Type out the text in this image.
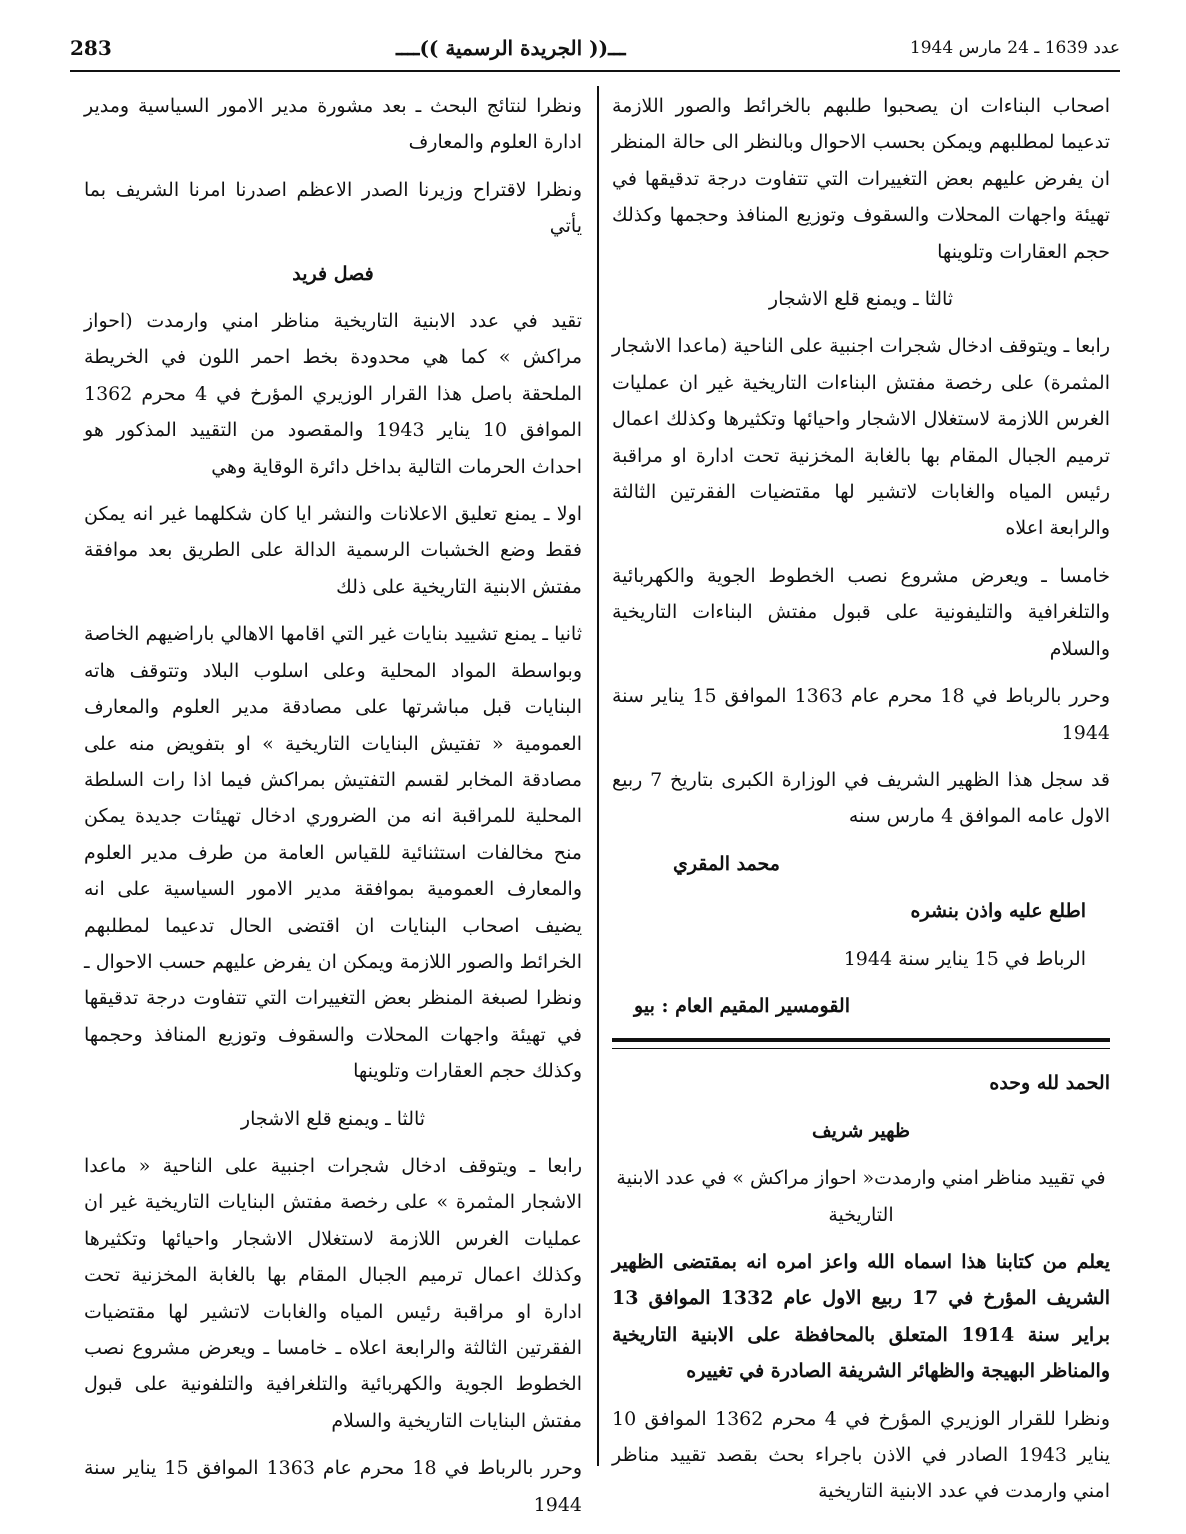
283	ـــ(( الجريدة الرسمية ))ــــ	عدد 1639 ـ 24 مارس 1944

اصحاب البناءات ان يصحبوا طلبهم بالخرائط والصور اللازمة تدعيما لمطلبهم ويمكن بحسب الاحوال وبالنظر الى حالة المنظر ان يفرض عليهم بعض التغييرات التي تتفاوت درجة تدقيقها في تهيئة واجهات المحلات والسقوف وتوزيع المنافذ وحجمها وكذلك حجم العقارات وتلوينها

ثالثا ـ ويمنع قلع الاشجار

رابعا ـ ويتوقف ادخال شجرات اجنبية على الناحية (ماعدا الاشجار المثمرة) على رخصة مفتش البناءات التاريخية غير ان عمليات الغرس اللازمة لاستغلال الاشجار واحيائها وتكثيرها وكذلك اعمال ترميم الجبال المقام بها بالغابة المخزنية تحت ادارة او مراقبة رئيس المياه والغابات لاتشير لها مقتضيات الفقرتين الثالثة والرابعة اعلاه

خامسا ـ ويعرض مشروع نصب الخطوط الجوية والكهربائية والتلغرافية والتليفونية على قبول مفتش البناءات التاريخية والسلام

وحرر بالرباط في 18 محرم عام 1363 الموافق 15 يناير سنة 1944

قد سجل هذا الظهير الشريف في الوزارة الكبرى بتاريخ 7 ربيع الاول عامه الموافق 4 مارس سنه

محمد المقري

اطلع عليه واذن بنشره

الرباط في 15 يناير سنة 1944

القومسير المقيم العام : بيو

الحمد لله وحده

ظهير شريف

في تقييد مناظر امني وارمدت« احواز مراكش » في عدد الابنية التاريخية

يعلم من كتابنا هذا اسماه الله واعز امره انه بمقتضى الظهير الشريف المؤرخ في 17 ربيع الاول عام 1332 الموافق 13 براير سنة 1914 المتعلق بالمحافظة على الابنية التاريخية والمناظر البهيجة والظهائر الشريفة الصادرة في تغييره

ونظرا للقرار الوزيري المؤرخ في 4 محرم 1362 الموافق 10 يناير 1943 الصادر في الاذن باجراء بحث بقصد تقييد مناظر امني وارمدت في عدد الابنية التاريخية

ونظرا لنتائج البحث ـ بعد مشورة مدير الامور السياسية ومدير ادارة العلوم والمعارف

ونظرا لاقتراح وزيرنا الصدر الاعظم اصدرنا امرنا الشريف بما يأتي

فصل فريد

تقيد في عدد الابنية التاريخية مناظر امني وارمدت (احواز مراكش » كما هي محدودة بخط احمر اللون في الخريطة الملحقة باصل هذا القرار الوزيري المؤرخ في 4 محرم 1362 الموافق 10 يناير 1943 والمقصود من التقييد المذكور هو احداث الحرمات التالية بداخل دائرة الوقاية وهي

اولا ـ يمنع تعليق الاعلانات والنشر ايا كان شكلهما غير انه يمكن فقط وضع الخشبات الرسمية الدالة على الطريق بعد موافقة مفتش الابنية التاريخية على ذلك

ثانيا ـ يمنع تشييد بنايات غير التي اقامها الاهالي باراضيهم الخاصة وبواسطة المواد المحلية وعلى اسلوب البلاد وتتوقف هاته البنايات قبل مباشرتها على مصادقة مدير العلوم والمعارف العمومية « تفتيش البنايات التاريخية » او بتفويض منه على مصادقة المخابر لقسم التفتيش بمراكش فيما اذا رات السلطة المحلية للمراقبة انه من الضروري ادخال تهيئات جديدة يمكن منح مخالفات استثنائية للقياس العامة من طرف مدير العلوم والمعارف العمومية بموافقة مدير الامور السياسية على انه يضيف اصحاب البنايات ان اقتضى الحال تدعيما لمطلبهم الخرائط والصور اللازمة ويمكن ان يفرض عليهم حسب الاحوال ـ ونظرا لصبغة المنظر بعض التغييرات التي تتفاوت درجة تدقيقها في تهيئة واجهات المحلات والسقوف وتوزيع المنافذ وحجمها وكذلك حجم العقارات وتلوينها

ثالثا ـ ويمنع قلع الاشجار

رابعا ـ ويتوقف ادخال شجرات اجنبية على الناحية « ماعدا الاشجار المثمرة » على رخصة مفتش البنايات التاريخية غير ان عمليات الغرس اللازمة لاستغلال الاشجار واحيائها وتكثيرها وكذلك اعمال ترميم الجبال المقام بها بالغابة المخزنية تحت ادارة او مراقبة رئيس المياه والغابات لاتشير لها مقتضيات الفقرتين الثالثة والرابعة اعلاه ـ خامسا ـ ويعرض مشروع نصب الخطوط الجوية والكهربائية والتلغرافية والتلفونية على قبول مفتش البنايات التاريخية والسلام

وحرر بالرباط في 18 محرم عام 1363 الموافق 15 يناير سنة 1944
